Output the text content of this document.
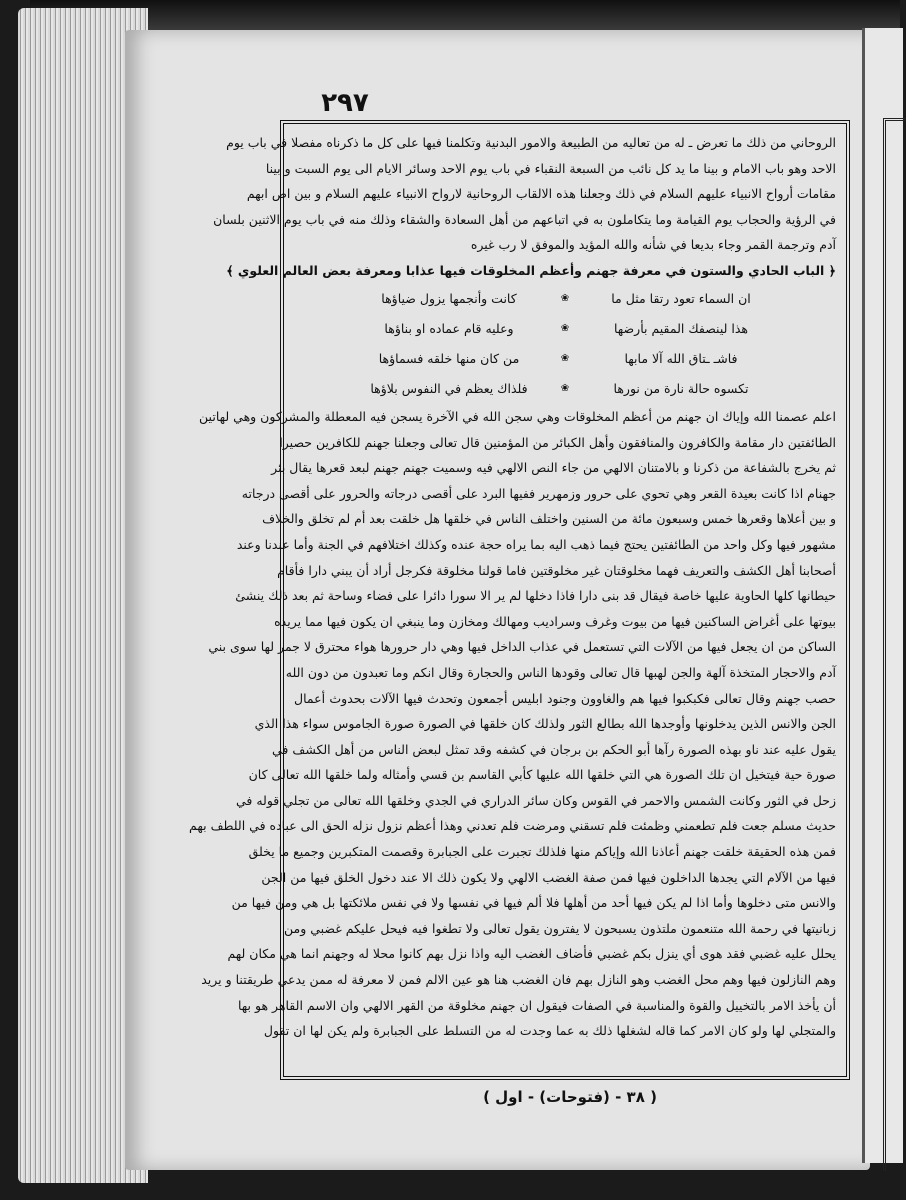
٢٩٧
الروحاني من ذلك ما تعرض ـ له من تعاليه من الطبيعة والامور البدنية وتكلمنا فيها على كل ما ذكرناه مفصلا في باب يوم
الاحد وهو باب الامام و بينا ما يد كل نائب من السبعة النقباء في باب يوم الاحد وسائر الايام الى يوم السبت و بينا
مقامات أرواح الانبياء عليهم السلام في ذلك وجعلنا هذه الالقاب الروحانية لارواح الانبياء عليهم السلام و بين اص ابهم
في الرؤية والحجاب يوم القيامة وما يتكاملون به في اتباعهم من أهل السعادة والشقاء وذلك منه في باب يوم الاثنين بلسان
آدم وترجمة القمر وجاء بديعا في شأنه والله المؤيد والموفق لا رب غيره
﴿ الباب الحادي والستون في معرفة جهنم وأعظم المخلوقات فيها عذابا ومعرفة بعض العالم العلوي ﴾
ان السماء تعود رتقا مثل ما
❀
كانت وأنجمها يزول ضياؤها
هذا لينصفك المقيم بأرضها
❀
وعليه قام عماده او بناؤها
فاشـ ـتاق الله آلا مابها
❀
من كان منها خلقه فسماؤها
تكسوه حالة نارة من نورها
❀
فلذاك يعظم في النفوس بلاؤها
اعلم عصمنا الله وإياك ان جهنم من أعظم المخلوقات وهي سجن الله في الآخرة يسجن فيه المعطلة والمشركون وهي لهاتين
الطائفتين دار مقامة والكافرون والمنافقون وأهل الكبائر من المؤمنين قال تعالى وجعلنا جهنم للكافرين حصيرا
ثم يخرج بالشفاعة من ذكرنا و بالامتنان الالهي من جاء النص الالهي فيه وسميت جهنم جهنم لبعد قعرها يقال بئر
جهنام اذا كانت بعيدة القعر وهي تحوي على حرور وزمهرير ففيها البرد على أقصى درجاته والحرور على أقصى درجاته
و بين أعلاها وقعرها خمس وسبعون مائة من السنين واختلف الناس في خلقها هل خلقت بعد أم لم تخلق والخلاف
مشهور فيها وكل واحد من الطائفتين يحتج فيما ذهب اليه بما يراه حجة عنده وكذلك اختلافهم في الجنة وأما عندنا وعند
أصحابنا أهل الكشف والتعريف فهما مخلوقتان غير مخلوقتين فاما قولنا مخلوقة فكرجل أراد أن يبني دارا فأقام
حيطانها كلها الحاوية عليها خاصة فيقال قد بنى دارا فاذا دخلها لم ير الا سورا دائرا على فضاء وساحة ثم بعد ذلك ينشئ
بيوتها على أغراض الساكنين فيها من بيوت وغرف وسراديب ومهالك ومخازن وما ينبغي ان يكون فيها مما يريده
الساكن من ان يجعل فيها من الآلات التي تستعمل في عذاب الداخل فيها وهي دار حرورها هواء محترق لا جمر لها سوى بني
آدم والاحجار المتخذة آلهة والجن لهبها قال تعالى وقودها الناس والحجارة وقال انكم وما تعبدون من دون الله
حصب جهنم وقال تعالى فكبكبوا فيها هم والغاوون وجنود ابليس أجمعون وتحدث فيها الآلات بحدوث أعمال
الجن والانس الذين يدخلونها وأوجدها الله بطالع الثور ولذلك كان خلقها في الصورة صورة الجاموس سواء هذا الذي
يقول عليه عند ناو بهذه الصورة رآها أبو الحكم بن برجان في كشفه وقد تمثل لبعض الناس من أهل الكشف في
صورة حية فيتخيل ان تلك الصورة هي التي خلقها الله عليها كأبي القاسم بن قسي وأمثاله ولما خلقها الله تعالى كان
زحل في الثور وكانت الشمس والاحمر في القوس وكان سائر الدراري في الجدي وخلقها الله تعالى من تجلي قوله في
حديث مسلم جعت فلم تطعمني وظمئت فلم تسقني ومرضت فلم تعدني وهذا أعظم نزول نزله الحق الى عباده في اللطف بهم
فمن هذه الحقيقة خلقت جهنم أعاذنا الله وإياكم منها فلذلك تجبرت على الجبابرة وقصمت المتكبرين وجميع ما يخلق
فيها من الآلام التي يجدها الداخلون فيها فمن صفة الغضب الالهي ولا يكون ذلك الا عند دخول الخلق فيها من الجن
والانس متى دخلوها وأما اذا لم يكن فيها أحد من أهلها فلا ألم فيها في نفسها ولا في نفس ملائكتها بل هي ومن فيها من
زبانيتها في رحمة الله متنعمون ملتذون يسبحون لا يفترون يقول تعالى ولا تطغوا فيه فيحل عليكم غضبي ومن
يحلل عليه غضبي فقد هوى أي ينزل بكم غضبي فأضاف الغضب اليه واذا نزل بهم كانوا محلا له وجهنم انما هي مكان لهم
وهم النازلون فيها وهم محل الغضب وهو النازل بهم فان الغضب هنا هو عين الالم فمن لا معرفة له ممن يدعي طريقتنا و يريد
أن يأخذ الامر بالتخييل والقوة والمناسبة في الصفات فيقول ان جهنم مخلوقة من القهر الالهي وان الاسم القاهر هو بها
والمتجلي لها ولو كان الامر كما قاله لشغلها ذلك به عما وجدت له من التسلط على الجبابرة ولم يكن لها ان تقول
( ٣٨ - (فتوحات) - اول )
